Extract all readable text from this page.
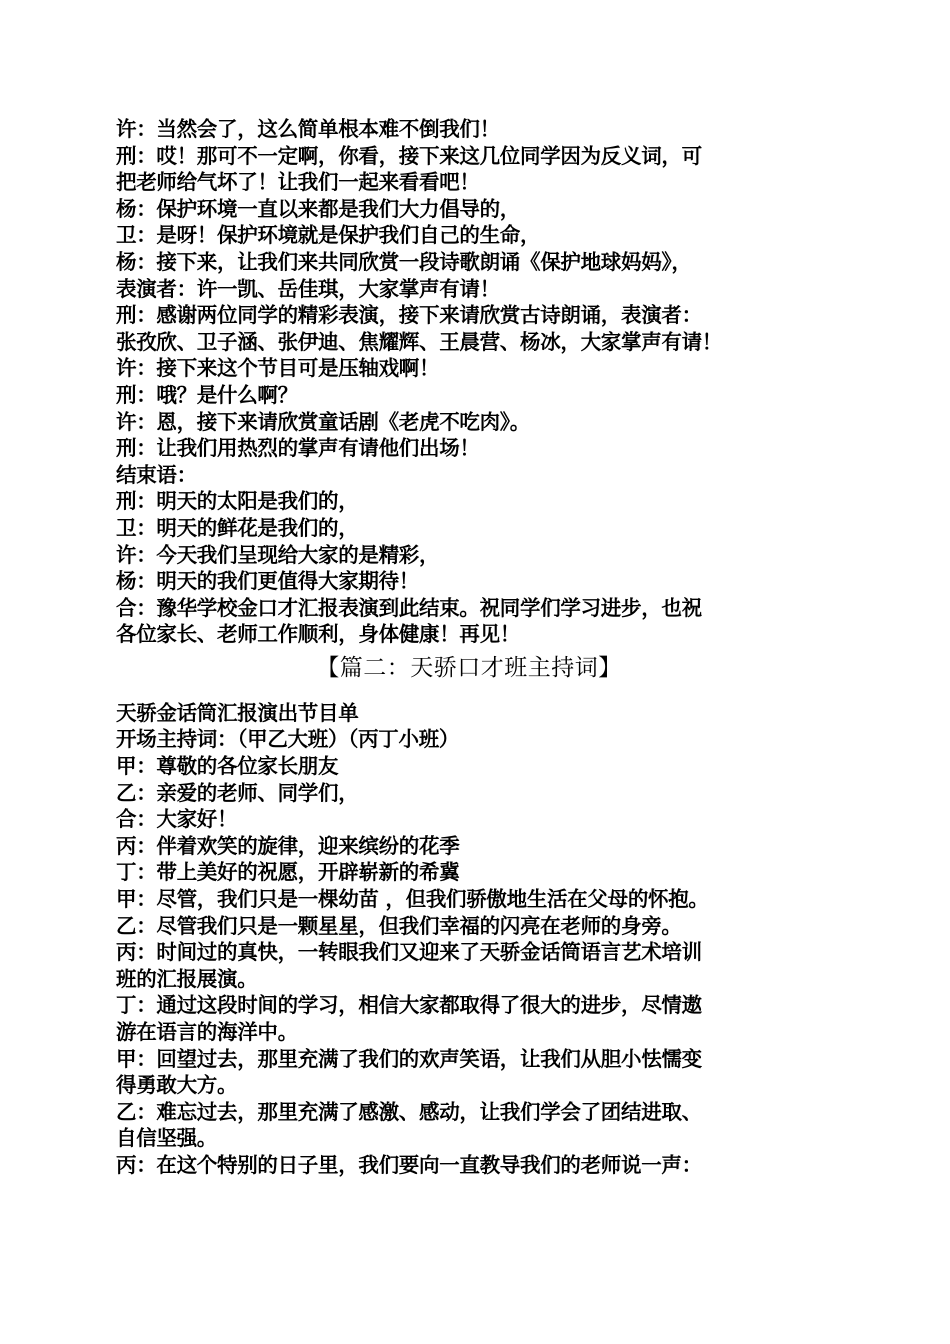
许：当然会了，这么简单根本难不倒我们！
刑：哎！那可不一定啊，你看，接下来这几位同学因为反义词，可
把老师给气坏了！让我们一起来看看吧！
杨：保护环境一直以来都是我们大力倡导的，
卫：是呀！保护环境就是保护我们自己的生命，
杨：接下来，让我们来共同欣赏一段诗歌朗诵《保护地球妈妈》，
表演者：许一凯、岳佳琪，大家掌声有请！
刑：感谢两位同学的精彩表演，接下来请欣赏古诗朗诵，表演者：
张孜欣、卫子涵、张伊迪、焦耀辉、王晨营、杨冰，大家掌声有请！
许：接下来这个节目可是压轴戏啊！
刑：哦？是什么啊？
许：恩，接下来请欣赏童话剧《老虎不吃肉》。
刑：让我们用热烈的掌声有请他们出场！
结束语：
刑：明天的太阳是我们的，
卫：明天的鲜花是我们的，
许：今天我们呈现给大家的是精彩，
杨：明天的我们更值得大家期待！
合：豫华学校金口才汇报表演到此结束。祝同学们学习进步，也祝
各位家长、老师工作顺利，身体健康！再见！
【篇二：天骄口才班主持词】
天骄金话筒汇报演出节目单
开场主持词：（甲乙大班）（丙丁小班）
甲：尊敬的各位家长朋友
乙：亲爱的老师、同学们，
合：大家好！
丙：伴着欢笑的旋律，迎来缤纷的花季
丁：带上美好的祝愿，开辟崭新的希冀
甲：尽管，我们只是一棵幼苗 ，但我们骄傲地生活在父母的怀抱。
乙：尽管我们只是一颗星星，但我们幸福的闪亮在老师的身旁。
丙：时间过的真快，一转眼我们又迎来了天骄金话筒语言艺术培训
班的汇报展演。
丁：通过这段时间的学习，相信大家都取得了很大的进步，尽情遨
游在语言的海洋中。
甲：回望过去，那里充满了我们的欢声笑语，让我们从胆小怯懦变
得勇敢大方。
乙：难忘过去，那里充满了感激、感动，让我们学会了团结进取、
自信坚强。
丙：在这个特别的日子里，我们要向一直教导我们的老师说一声：
